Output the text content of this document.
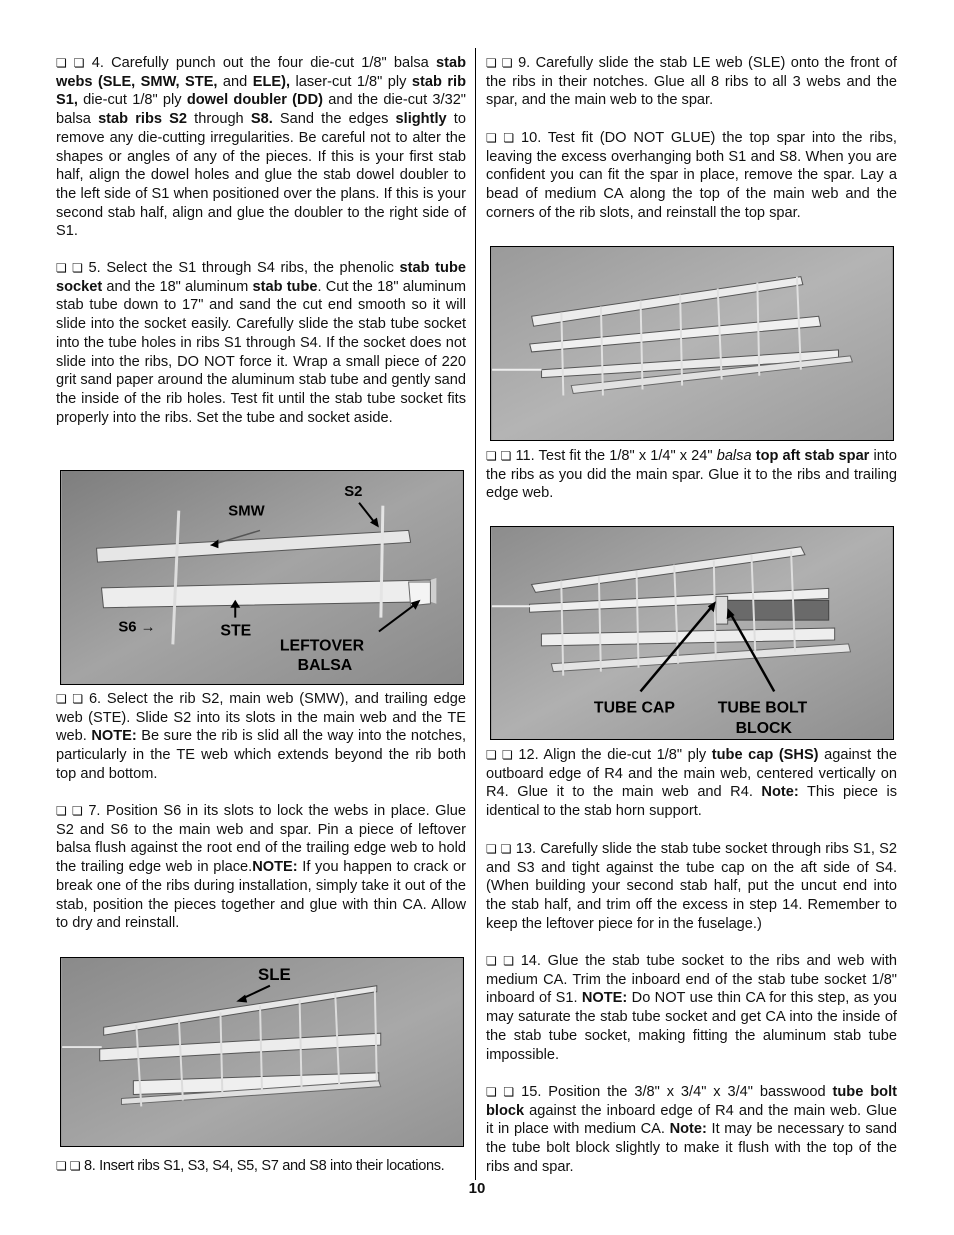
❏ ❏ 4. Carefully punch out the four die-cut 1/8" balsa stab webs (SLE, SMW, STE, and ELE), laser-cut 1/8" ply stab rib S1, die-cut 1/8" ply dowel doubler (DD) and the die-cut 3/32" balsa stab ribs S2 through S8. Sand the edges slightly to remove any die-cutting irregularities. Be careful not to alter the shapes or angles of any of the pieces. If this is your first stab half, align the dowel holes and glue the stab dowel doubler to the left side of S1 when positioned over the plans. If this is your second stab half, align and glue the doubler to the right side of S1.
❏ ❏ 5. Select the S1 through S4 ribs, the phenolic stab tube socket and the 18" aluminum stab tube. Cut the 18" aluminum stab tube down to 17" and sand the cut end smooth so it will slide into the socket easily. Carefully slide the stab tube socket into the tube holes in ribs S1 through S4. If the socket does not slide into the ribs, DO NOT force it. Wrap a small piece of 220 grit sand paper around the aluminum stab tube and gently sand the inside of the rib holes. Test fit until the stab tube socket fits properly into the ribs. Set the tube and socket aside.
SMW
S2
S6 →	STE
LEFTOVER
BALSA
❏ ❏ 6. Select the rib S2, main web (SMW), and trailing edge web (STE). Slide S2 into its slots in the main web and the TE web. NOTE: Be sure the rib is slid all the way into the notches, particularly in the TE web which extends beyond the rib both top and bottom.
❏ ❏ 7. Position S6 in its slots to lock the webs in place. Glue S2 and S6 to the main web and spar. Pin a piece of leftover balsa flush against the root end of the trailing edge web to hold the trailing edge web in place.NOTE: If you happen to crack or break one of the ribs during installation, simply take it out of the stab, position the pieces together and glue with thin CA. Allow to dry and reinstall.
SLE
❏ ❏ 8. Insert ribs S1, S3, S4, S5, S7 and S8 into their locations.
❏ ❏ 9. Carefully slide the stab LE web (SLE) onto the front of the ribs in their notches. Glue all 8 ribs to all 3 webs and the spar, and the main web to the spar.
❏ ❏ 10. Test fit (DO NOT GLUE) the top spar into the ribs, leaving the excess overhanging both S1 and S8. When you are confident you can fit the spar in place, remove the spar. Lay a bead of medium CA along the top of the main web and the corners of the rib slots, and reinstall the top spar.
❏ ❏ 11. Test fit the 1/8" x 1/4" x 24" balsa top aft stab spar into the ribs as you did the main spar. Glue it to the ribs and trailing edge web.
TUBE CAP	TUBE BOLT
BLOCK
❏ ❏ 12. Align the die-cut 1/8" ply tube cap (SHS) against the outboard edge of R4 and the main web, centered vertically on R4. Glue it to the main web and R4. Note: This piece is identical to the stab horn support.
❏ ❏ 13. Carefully slide the stab tube socket through ribs S1, S2 and S3 and tight against the tube cap on the aft side of S4. (When building your second stab half, put the uncut end into the stab half, and trim off the excess in step 14. Remember to keep the leftover piece for in the fuselage.)
❏ ❏ 14. Glue the stab tube socket to the ribs and web with medium CA. Trim the inboard end of the stab tube socket 1/8" inboard of S1. NOTE: Do NOT use thin CA for this step, as you may saturate the stab tube socket and get CA into the inside of the stab tube socket, making fitting the aluminum stab tube impossible.
❏ ❏ 15. Position the 3/8" x 3/4" x 3/4" basswood tube bolt block against the inboard edge of R4 and the main web. Glue it in place with medium CA. Note: It may be necessary to sand the tube bolt block slightly to make it flush with the top of the ribs and spar.
10
